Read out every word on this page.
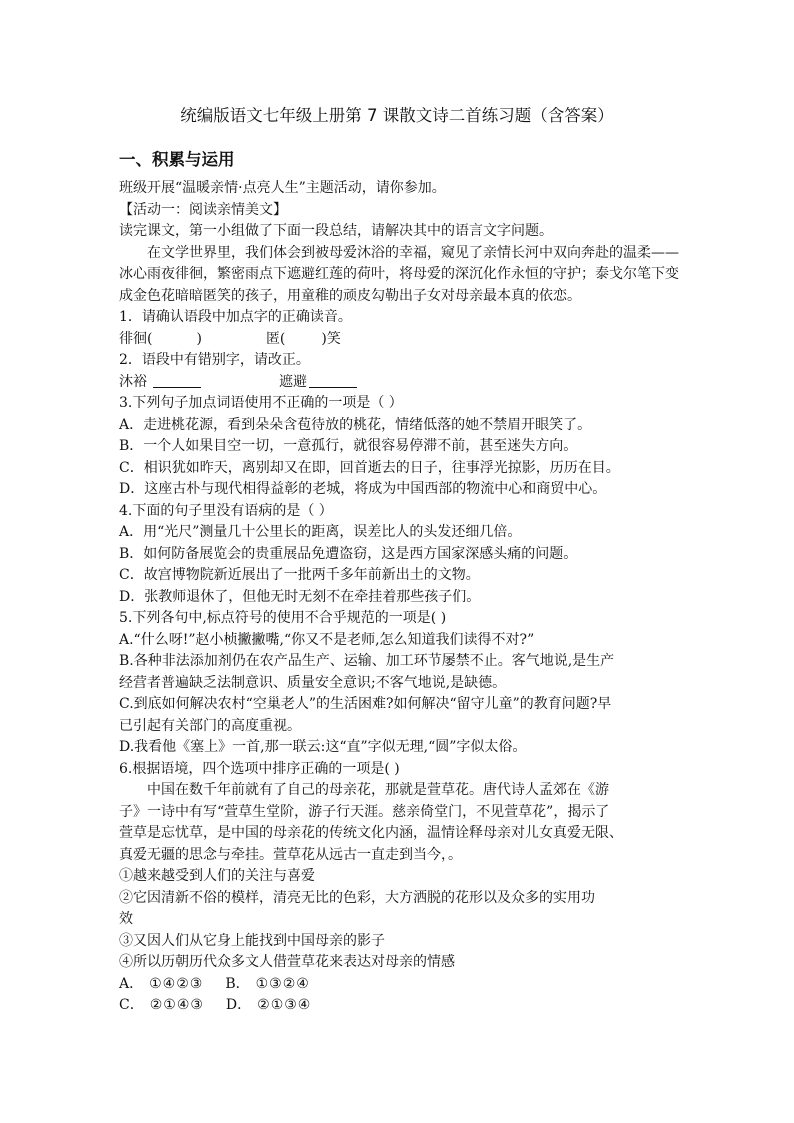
统编版语文七年级上册第 7 课散文诗二首练习题（含答案）
一、积累与运用

班级开展“温暖亲情·点亮人生”主题活动，请你参加。

【活动一：阅读亲情美文】

读完课文，第一小组做了下面一段总结，请解决其中的语言文字问题。

在文学世界里，我们体会到被母爱沐浴的幸福，窥见了亲情长河中双向奔赴的温柔——冰心雨夜徘徊，繁密雨点下遮避红莲的荷叶，将母爱的深沉化作永恒的守护；泰戈尔笔下变成金色花暗暗匿笑的孩子，用童稚的顽皮勾勒出子女对母亲最本真的依恋。

1．请确认语段中加点字的正确读音。

徘徊(	)	匿(	)笑

2．语段中有错别字，请改正。

沐裕	遮避

3.下列句子加点词语使用不正确的一项是（ ）

A．走进桃花源，看到朵朵含苞待放的桃花，情绪低落的她不禁眉开眼笑了。

B．一个人如果目空一切，一意孤行，就很容易停滞不前，甚至迷失方向。

C．相识犹如昨天，离别却又在即，回首逝去的日子，往事浮光掠影，历历在目。

D．这座古朴与现代相得益彰的老城，将成为中国西部的物流中心和商贸中心。

4.下面的句子里没有语病的是（ ）

A．用“光尺”测量几十公里长的距离，误差比人的头发还细几倍。

B．如何防备展览会的贵重展品免遭盗窃，这是西方国家深感头痛的问题。

C．故宫博物院新近展出了一批两千多年前新出土的文物。

D．张教师退休了，但他无时无刻不在牵挂着那些孩子们。

5.下列各句中,标点符号的使用不合乎规范的一项是( )

A.“什么呀!”赵小桢撇撇嘴,“你又不是老师,怎么知道我们读得不对?”

B.各种非法添加剂仍在农产品生产、运输、加工环节屡禁不止。客气地说,是生产

经营者普遍缺乏法制意识、质量安全意识;不客气地说,是缺德。

C.到底如何解决农村“空巢老人”的生活困难?如何解决“留守儿童”的教育问题?早

已引起有关部门的高度重视。

D.我看他《塞上》一首,那一联云:这“直”字似无理,“圆”字似太俗。

6.根据语境，四个选项中排序正确的一项是( )

中国在数千年前就有了自己的母亲花，那就是萱草花。唐代诗人孟郊在《游

子》一诗中有写“萱草生堂阶，游子行天涯。慈亲倚堂门，不见萱草花”，揭示了

萱草是忘忧草，是中国的母亲花的传统文化内涵，温情诠释母亲对儿女真爱无限、

真爱无疆的思念与牵挂。萱草花从远古一直走到当今，。

①越来越受到人们的关注与喜爱

②它因清新不俗的模样，清亮无比的色彩，大方洒脱的花形以及众多的实用功

效

③又因人们从它身上能找到中国母亲的影子

④所以历朝历代众多文人借萱草花来表达对母亲的情感

A． ①④②③ B． ①③②④

C． ②①④③ D． ②①③④
